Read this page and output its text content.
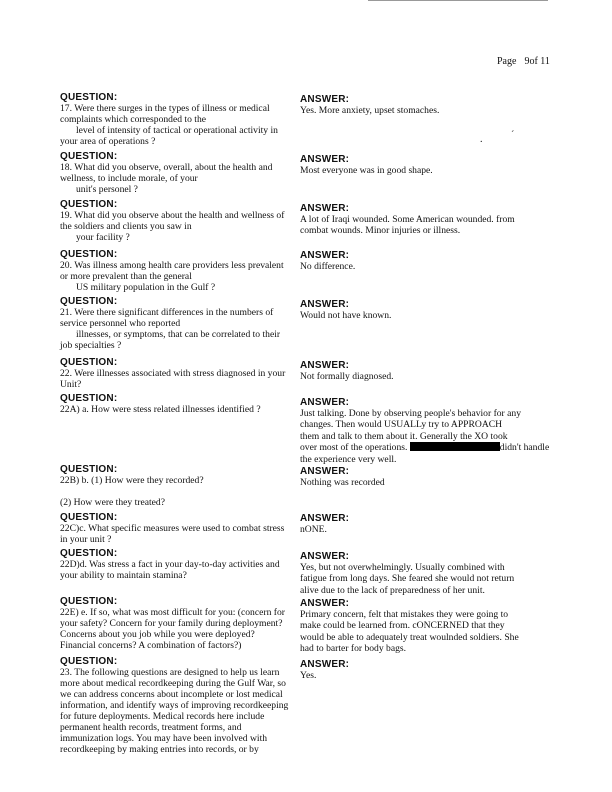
Page 9of 11
.	´
QUESTION:
17. Were there surges in the types of illness or medical
complaints which corresponded to the
level of intensity of tactical or operational activity in
your area of operations ?
ANSWER:
Yes. More anxiety, upset stomaches.
QUESTION:
18. What did you observe, overall, about the health and
wellness, to include morale, of your
unit's personel ?
ANSWER:
Most everyone was in good shape.
QUESTION:
19. What did you observe about the health and wellness of
the soldiers and clients you saw in
your facility ?
ANSWER:
A lot of Iraqi wounded. Some American wounded. from
combat wounds. Minor injuries or illness.
QUESTION:
20. Was illness among health care providers less prevalent
or more prevalent than the general
US military population in the Gulf ?
ANSWER:
No difference.
QUESTION:
21. Were there significant differences in the numbers of
service personnel who reported
illnesses, or symptoms, that can be correlated to their
job specialties ?
ANSWER:
Would not have known.
QUESTION:
22. Were illnesses associated with stress diagnosed in your
Unit?
ANSWER:
Not formally diagnosed.
QUESTION:
22A) a. How were stess related illnesses identified ?
ANSWER:
Just talking. Done by observing people's behavior for any
changes. Then would USUALLy try to APPROACH
them and talk to them about it. Generally the XO took
over most of the operations.	didn't handle
the experience very well.
QUESTION:
22B) b. (1) How were they recorded?
(2) How were they treated?
ANSWER:
Nothing was recorded
QUESTION:
22C)c. What specific measures were used to combat stress
in your unit ?
ANSWER:
nONE.
QUESTION:
22D)d. Was stress a fact in your day-to-day activities and
your ability to maintain stamina?
ANSWER:
Yes, but not overwhelmingly. Usually combined with
fatigue from long days. She feared she would not return
alive due to the lack of preparedness of her unit.
QUESTION:
22E) e. If so, what was most difficult for you: (concern for
your safety? Concern for your family during deployment?
Concerns about you job while you were deployed?
Financial concerns? A combination of factors?)
ANSWER:
Primary concern, felt that mistakes they were going to
make could be learned from. cONCERNED that they
would be able to adequately treat woulnded soldiers. She
had to barter for body bags.
QUESTION:
23. The following questions are designed to help us learn
more about medical recordkeeping during the Gulf War, so
we can address concerns about incomplete or lost medical
information, and identify ways of improving recordkeeping
for future deployments. Medical records here include
permanent health records, treatment forms, and
immunization logs. You may have been involved with
recordkeeping by making entries into records, or by
ANSWER:
Yes.
